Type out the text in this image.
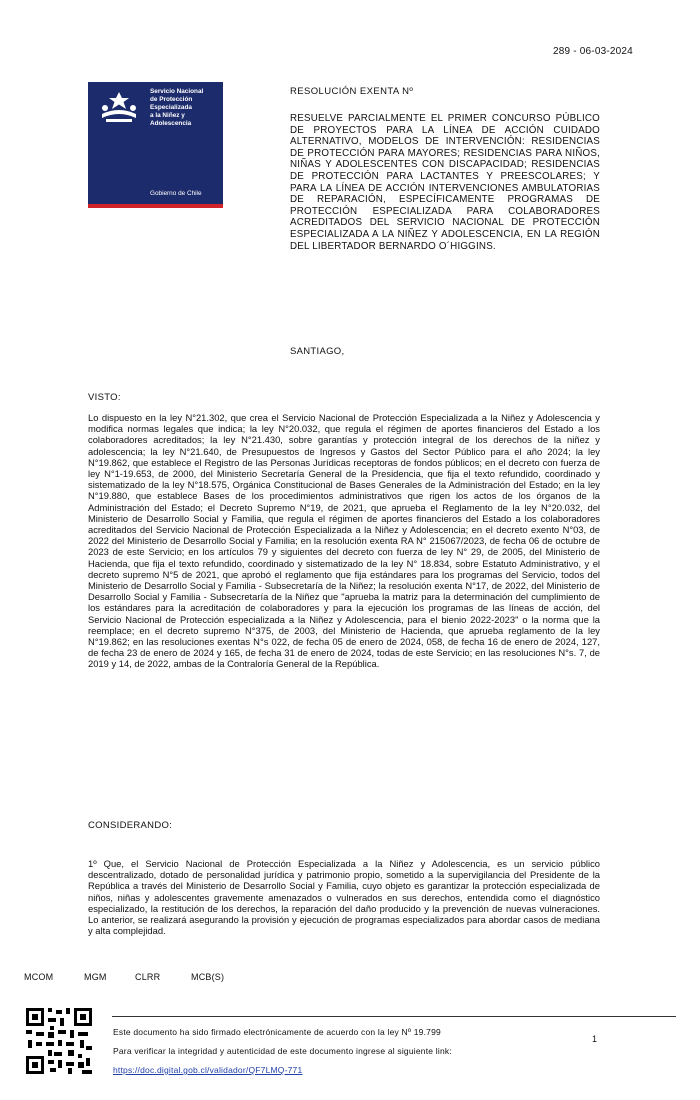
289 - 06-03-2024
Servicio Nacional
de Protección
Especializada
a la Niñez y
Adolescencia
Gobierno de Chile
RESOLUCIÓN EXENTA Nº
RESUELVE PARCIALMENTE EL PRIMER CONCURSO PÚBLICO DE PROYECTOS PARA LA LÍNEA DE ACCIÓN CUIDADO ALTERNATIVO, MODELOS DE INTERVENCIÓN: RESIDENCIAS DE PROTECCIÓN PARA MAYORES; RESIDENCIAS PARA NIÑOS, NIÑAS Y ADOLESCENTES CON DISCAPACIDAD; RESIDENCIAS DE PROTECCIÓN PARA LACTANTES Y PREESCOLARES; Y PARA LA LÍNEA DE ACCIÓN INTERVENCIONES AMBULATORIAS DE REPARACIÓN, ESPECÍFICAMENTE PROGRAMAS DE PROTECCIÓN ESPECIALIZADA PARA COLABORADORES ACREDITADOS DEL SERVICIO NACIONAL DE PROTECCIÓN ESPECIALIZADA A LA NIÑEZ Y ADOLESCENCIA, EN LA REGIÓN DEL LIBERTADOR BERNARDO O´HIGGINS.
SANTIAGO,
VISTO:
Lo dispuesto en la ley N°21.302, que crea el Servicio Nacional de Protección Especializada a la Niñez y Adolescencia y modifica normas legales que indica; la ley N°20.032, que regula el régimen de aportes financieros del Estado a los colaboradores acreditados; la ley N°21.430, sobre garantías y protección integral de los derechos de la niñez y adolescencia; la ley N°21.640, de Presupuestos de Ingresos y Gastos del Sector Público para el año 2024; la ley N°19.862, que establece el Registro de las Personas Jurídicas receptoras de fondos públicos; en el decreto con fuerza de ley N°1-19.653, de 2000, del Ministerio Secretaría General de la Presidencia, que fija el texto refundido, coordinado y sistematizado de la ley N°18.575, Orgánica Constitucional de Bases Generales de la Administración del Estado; en la ley N°19.880, que establece Bases de los procedimientos administrativos que rigen los actos de los órganos de la Administración del Estado; el Decreto Supremo N°19, de 2021, que aprueba el Reglamento de la ley N°20.032, del Ministerio de Desarrollo Social y Familia, que regula el régimen de aportes financieros del Estado a los colaboradores acreditados del Servicio Nacional de Protección Especializada a la Niñez y Adolescencia; en el decreto exento N°03, de 2022 del Ministerio de Desarrollo Social y Familia; en la resolución exenta RA N° 215067/2023, de fecha 06 de octubre de 2023 de este Servicio; en los artículos 79 y siguientes del decreto con fuerza de ley N° 29, de 2005, del Ministerio de Hacienda, que fija el texto refundido, coordinado y sistematizado de la ley N° 18.834, sobre Estatuto Administrativo, y el decreto supremo N°5 de 2021, que aprobó el reglamento que fija estándares para los programas del Servicio, todos del Ministerio de Desarrollo Social y Familia - Subsecretaría de la Niñez; la resolución exenta N°17, de 2022, del Ministerio de Desarrollo Social y Familia - Subsecretaría de la Niñez que "aprueba la matriz para la determinación del cumplimiento de los estándares para la acreditación de colaboradores y para la ejecución los programas de las líneas de acción, del Servicio Nacional de Protección especializada a la Niñez y Adolescencia, para el bienio 2022-2023" o la norma que la reemplace; en el decreto supremo N°375, de 2003, del Ministerio de Hacienda, que aprueba reglamento de la ley N°19.862; en las resoluciones exentas N°s 022, de fecha 05 de enero de 2024, 058, de fecha 16 de enero de 2024, 127, de fecha 23 de enero de 2024 y 165, de fecha 31 de enero de 2024, todas de este Servicio; en las resoluciones N°s. 7, de 2019 y 14, de 2022, ambas de la Contraloría General de la República.
CONSIDERANDO:
1º Que, el Servicio Nacional de Protección Especializada a la Niñez y Adolescencia, es un servicio público descentralizado, dotado de personalidad jurídica y patrimonio propio, sometido a la supervigilancia del Presidente de la República a través del Ministerio de Desarrollo Social y Familia, cuyo objeto es garantizar la protección especializada de niños, niñas y adolescentes gravemente amenazados o vulnerados en sus derechos, entendida como el diagnóstico especializado, la restitución de los derechos, la reparación del daño producido y la prevención de nuevas vulneraciones. Lo anterior, se realizará asegurando la provisión y ejecución de programas especializados para abordar casos de mediana y alta complejidad.
MCOM	MGM	CLRR	MCB(S)
Este documento ha sido firmado electrónicamente de acuerdo con la ley Nº 19.799
Para verificar la integridad y autenticidad de este documento ingrese al siguiente link:
https://doc.digital.gob.cl/validador/QF7LMQ-771
1
